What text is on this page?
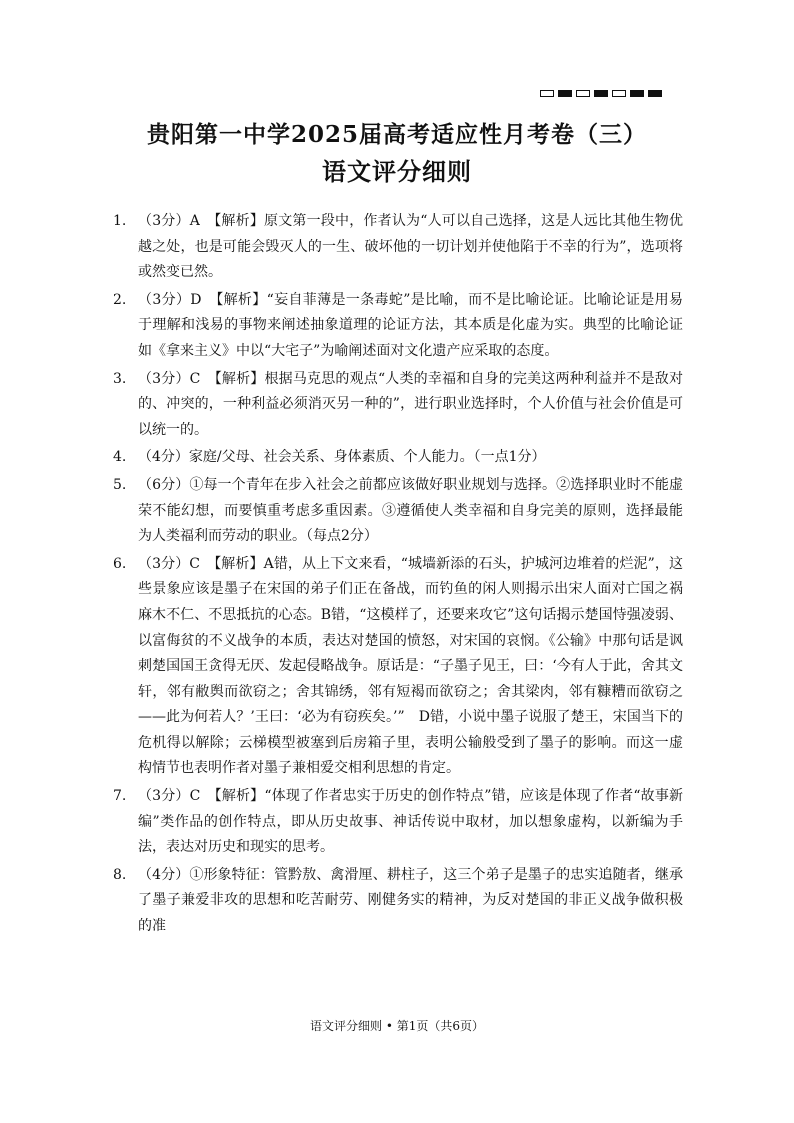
贵阳第一中学2025届高考适应性月考卷（三）
语文评分细则
1. （3分）A　【解析】原文第一段中，作者认为“人可以自己选择，这是人远比其他生物优越之处，也是可能会毁灭人的一生、破坏他的一切计划并使他陷于不幸的行为”，选项将或然变已然。
2. （3分）D　【解析】“妄自菲薄是一条毒蛇”是比喻，而不是比喻论证。比喻论证是用易于理解和浅易的事物来阐述抽象道理的论证方法，其本质是化虚为实。典型的比喻论证如《拿来主义》中以“大宅子”为喻阐述面对文化遗产应采取的态度。
3. （3分）C　【解析】根据马克思的观点“人类的幸福和自身的完美这两种利益并不是敌对的、冲突的，一种利益必须消灭另一种的”，进行职业选择时，个人价值与社会价值是可以统一的。
4. （4分）家庭/父母、社会关系、身体素质、个人能力。（一点1分）
5. （6分）①每一个青年在步入社会之前都应该做好职业规划与选择。②选择职业时不能虚荣不能幻想，而要慎重考虑多重因素。③遵循使人类幸福和自身完美的原则，选择最能为人类福利而劳动的职业。（每点2分）
6. （3分）C　【解析】A错，从上下文来看，“城墙新添的石头，护城河边堆着的烂泥”，这些景象应该是墨子在宋国的弟子们正在备战，而钓鱼的闲人则揭示出宋人面对亡国之祸麻木不仁、不思抵抗的心态。B错，“这模样了，还要来攻它”这句话揭示楚国恃强凌弱、以富侮贫的不义战争的本质，表达对楚国的愤怒，对宋国的哀悯。《公输》中那句话是讽刺楚国国王贪得无厌、发起侵略战争。原话是：“子墨子见王，曰：‘今有人于此，舍其文轩，邻有敝舆而欲窃之；舍其锦绣，邻有短褐而欲窃之；舍其梁肉，邻有糠糟而欲窃之——此为何若人？’王曰：‘必为有窃疾矣。’”　D错，小说中墨子说服了楚王，宋国当下的危机得以解除；云梯模型被塞到后房箱子里，表明公输般受到了墨子的影响。而这一虚构情节也表明作者对墨子兼相爱交相利思想的肯定。
7. （3分）C　【解析】“体现了作者忠实于历史的创作特点”错，应该是体现了作者“故事新编”类作品的创作特点，即从历史故事、神话传说中取材，加以想象虚构，以新编为手法，表达对历史和现实的思考。
8. （4分）①形象特征：管黔敖、禽滑厘、耕柱子，这三个弟子是墨子的忠实追随者，继承了墨子兼爱非攻的思想和吃苦耐劳、刚健务实的精神，为反对楚国的非正义战争做积极的准
语文评分细则 • 第1页（共6页）
